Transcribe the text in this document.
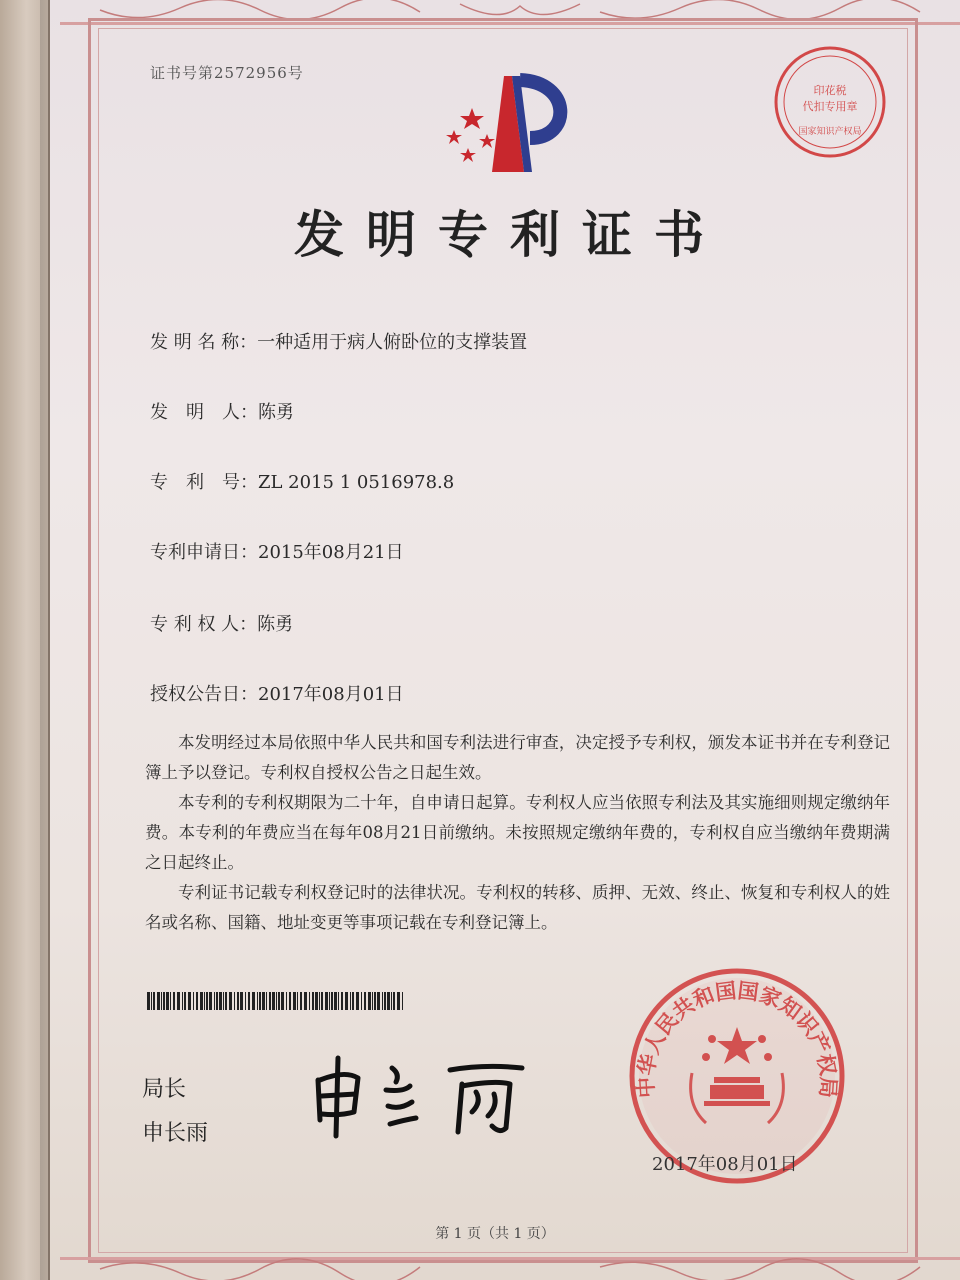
证书号第2572956号
印花税
代扣专用章
国家知识产权局
发明专利证书
发 明 名 称：一种适用于病人俯卧位的支撑装置
发　明　人：陈勇
专　利　号：ZL 2015 1 0516978.8
专利申请日：2015年08月21日
专 利 权 人：陈勇
授权公告日：2017年08月01日

本发明经过本局依照中华人民共和国专利法进行审查，决定授予专利权，颁发本证书并在专利登记簿上予以登记。专利权自授权公告之日起生效。

本专利的专利权期限为二十年，自申请日起算。专利权人应当依照专利法及其实施细则规定缴纳年费。本专利的年费应当在每年08月21日前缴纳。未按照规定缴纳年费的，专利权自应当缴纳年费期满之日起终止。

专利证书记载专利权登记时的法律状况。专利权的转移、质押、无效、终止、恢复和专利权人的姓名或名称、国籍、地址变更等事项记载在专利登记簿上。

局长
申长雨
中华人民共和国国家知识产权局
2017年08月01日
第 1 页（共 1 页）
